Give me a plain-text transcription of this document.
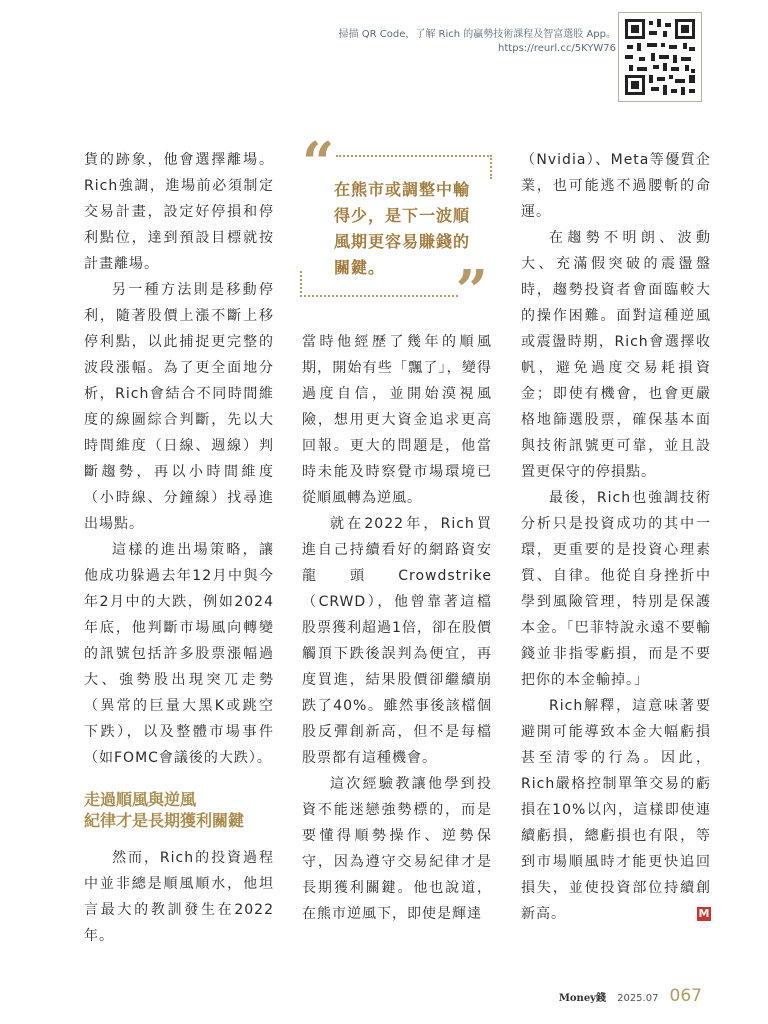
掃描 QR Code，了解 Rich 的贏勢技術課程及智富選股 App。
https://reurl.cc/5KYW76

貨的跡象，他會選擇離場。Rich強調，進場前必須制定交易計畫，設定好停損和停利點位，達到預設目標就按計畫離場。

另一種方法則是移動停利，隨著股價上漲不斷上移停利點，以此捕捉更完整的波段漲幅。為了更全面地分析，Rich會結合不同時間維度的線圖綜合判斷，先以大時間維度（日線、週線）判斷趨勢，再以小時間維度（小時線、分鐘線）找尋進出場點。

這樣的進出場策略，讓他成功躲過去年12月中與今年2月中的大跌，例如2024年底，他判斷市場風向轉變的訊號包括許多股票漲幅過大、強勢股出現突兀走勢（異常的巨量大黑K或跳空下跌），以及整體市場事件（如FOMC會議後的大跌）。

走過順風與逆風
紀律才是長期獲利關鍵

然而，Rich的投資過程中並非總是順風順水，他坦言最大的教訓發生在2022年。

“ 在熊市或調整中輸得少，是下一波順風期更容易賺錢的關鍵。	”

當時他經歷了幾年的順風期，開始有些「飄了」，變得過度自信，並開始漠視風險，想用更大資金追求更高回報。更大的問題是，他當時未能及時察覺市場環境已從順風轉為逆風。

就在2022年，Rich買進自己持續看好的網路資安龍頭Crowdstrike（CRWD），他曾靠著這檔股票獲利超過1倍，卻在股價觸頂下跌後誤判為便宜，再度買進，結果股價卻繼續崩跌了40%。雖然事後該檔個股反彈創新高，但不是每檔股票都有這種機會。

這次經驗教讓他學到投資不能迷戀強勢標的，而是要懂得順勢操作、逆勢保守，因為遵守交易紀律才是長期獲利關鍵。他也說道，在熊市逆風下，即使是輝達

（Nvidia）、Meta等優質企業，也可能逃不過腰斬的命運。

在趨勢不明朗、波動大、充滿假突破的震盪盤時，趨勢投資者會面臨較大的操作困難。面對這種逆風或震盪時期，Rich會選擇收帆，避免過度交易耗損資金；即使有機會，也會更嚴格地篩選股票，確保基本面與技術訊號更可靠，並且設置更保守的停損點。

最後，Rich也強調技術分析只是投資成功的其中一環，更重要的是投資心理素質、自律。他從自身挫折中學到風險管理，特別是保護本金。「巴菲特說永遠不要輸錢並非指零虧損，而是不要把你的本金輸掉。」

Rich解釋，這意味著要避開可能導致本金大幅虧損甚至清零的行為。因此，Rich嚴格控制單筆交易的虧損在10%以內，這樣即使連續虧損，總虧損也有限，等到市場順風時才能更快追回損失，並使投資部位持續創新高。	M

Money錢 2025.07 067
